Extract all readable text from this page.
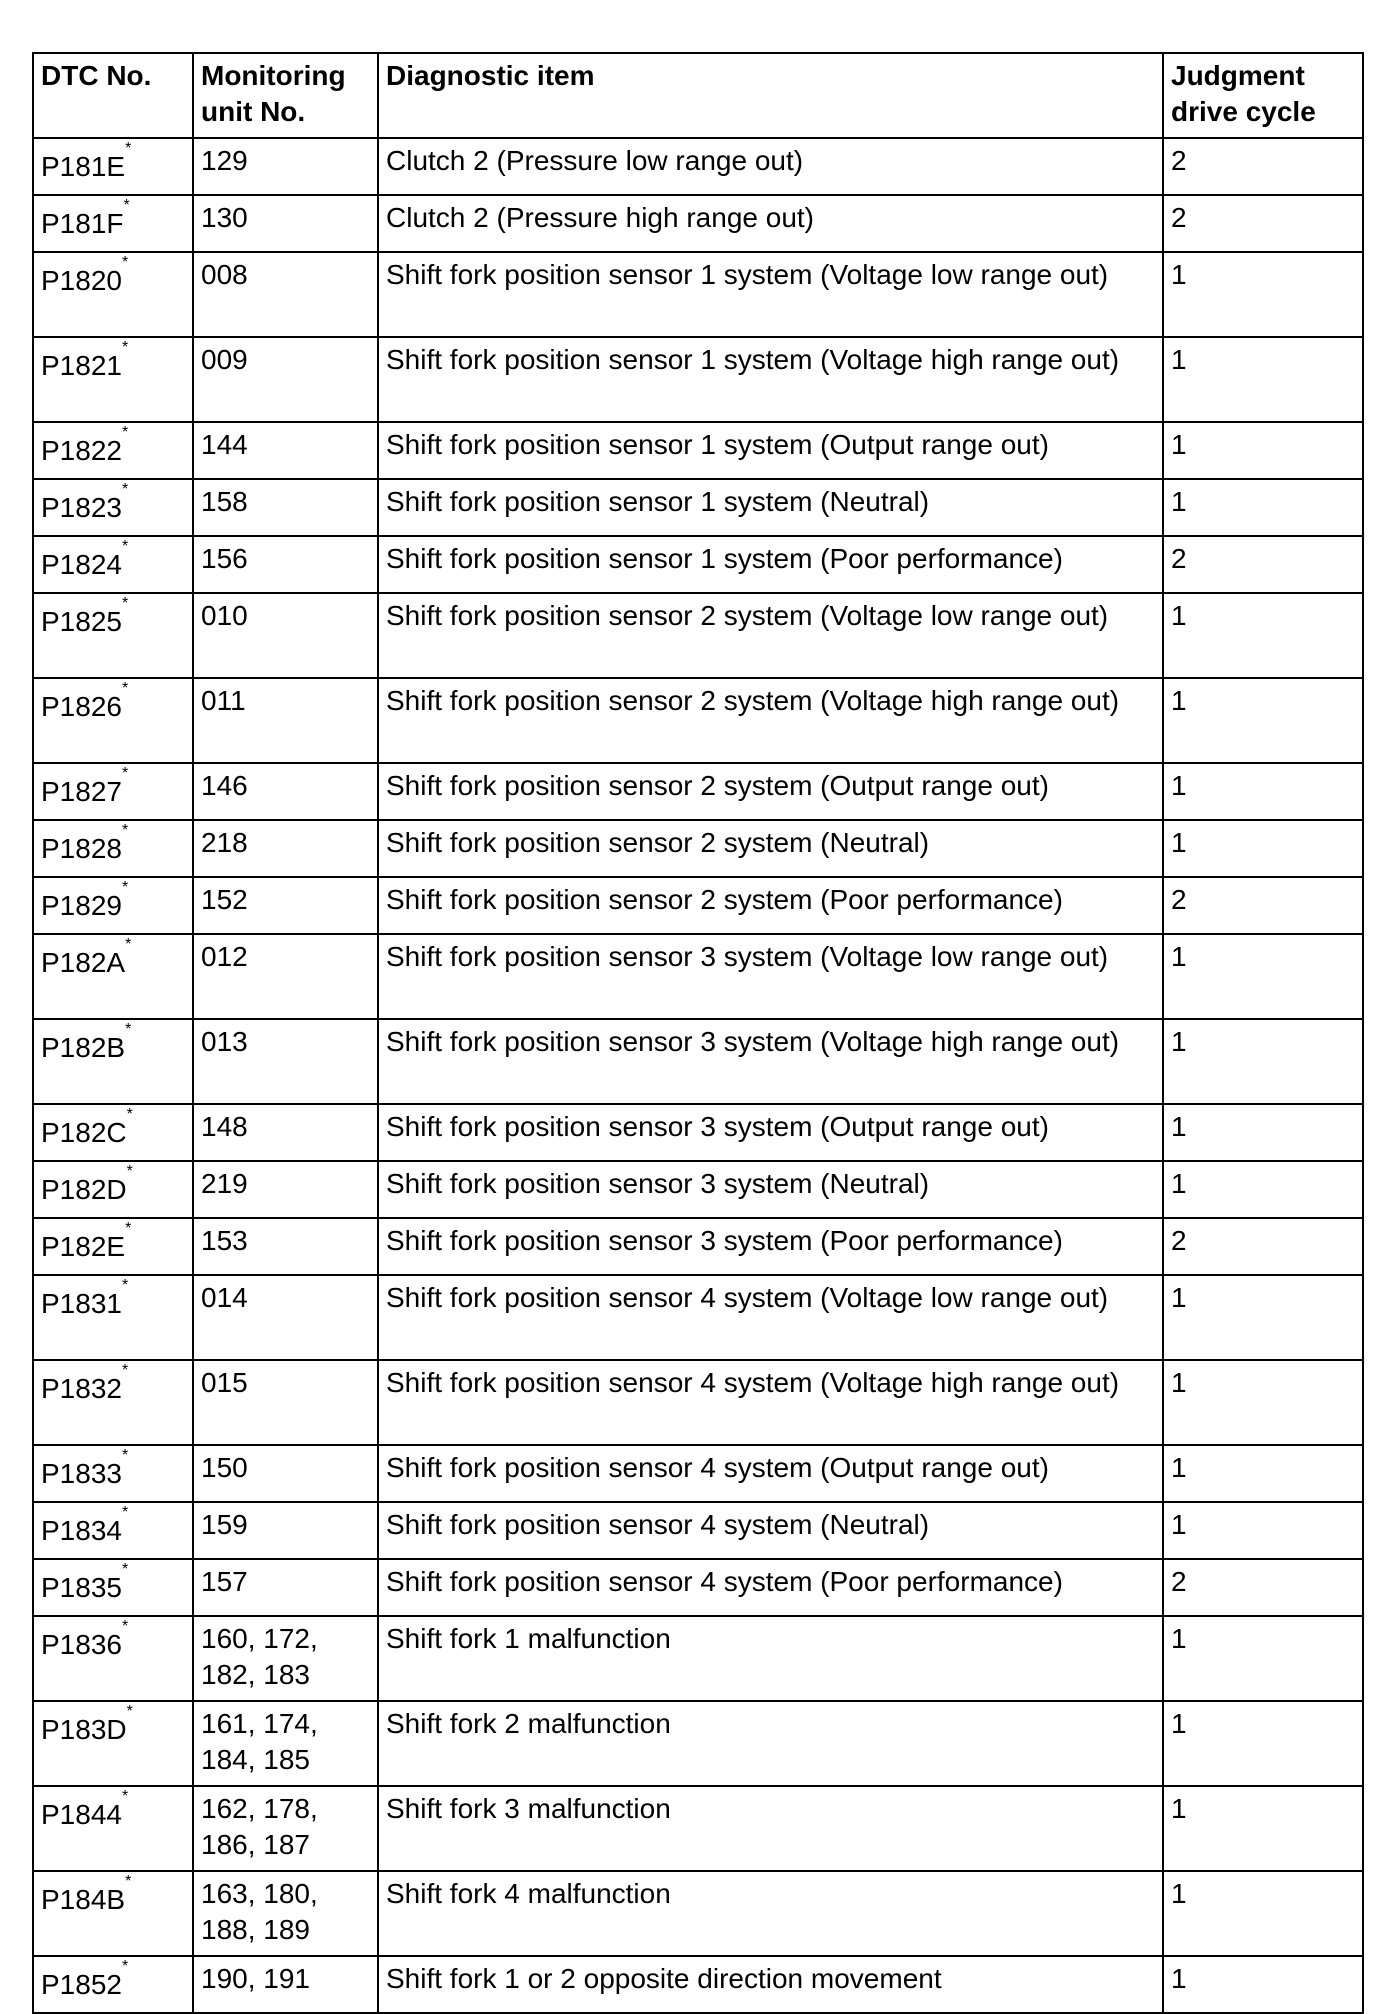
DTC No.	Monitoring unit No.	Diagnostic item	Judgment drive cycle
P181E*	129	Clutch 2 (Pressure low range out)	2
P181F*	130	Clutch 2 (Pressure high range out)	2
P1820*	008	Shift fork position sensor 1 system (Voltage low range out)	1
P1821*	009	Shift fork position sensor 1 system (Voltage high range out)	1
P1822*	144	Shift fork position sensor 1 system (Output range out)	1
P1823*	158	Shift fork position sensor 1 system (Neutral)	1
P1824*	156	Shift fork position sensor 1 system (Poor performance)	2
P1825*	010	Shift fork position sensor 2 system (Voltage low range out)	1
P1826*	011	Shift fork position sensor 2 system (Voltage high range out)	1
P1827*	146	Shift fork position sensor 2 system (Output range out)	1
P1828*	218	Shift fork position sensor 2 system (Neutral)	1
P1829*	152	Shift fork position sensor 2 system (Poor performance)	2
P182A*	012	Shift fork position sensor 3 system (Voltage low range out)	1
P182B*	013	Shift fork position sensor 3 system (Voltage high range out)	1
P182C*	148	Shift fork position sensor 3 system (Output range out)	1
P182D*	219	Shift fork position sensor 3 system (Neutral)	1
P182E*	153	Shift fork position sensor 3 system (Poor performance)	2
P1831*	014	Shift fork position sensor 4 system (Voltage low range out)	1
P1832*	015	Shift fork position sensor 4 system (Voltage high range out)	1
P1833*	150	Shift fork position sensor 4 system (Output range out)	1
P1834*	159	Shift fork position sensor 4 system (Neutral)	1
P1835*	157	Shift fork position sensor 4 system (Poor performance)	2
P1836*	160, 172, 182, 183	Shift fork 1 malfunction	1
P183D*	161, 174, 184, 185	Shift fork 2 malfunction	1
P1844*	162, 178, 186, 187	Shift fork 3 malfunction	1
P184B*	163, 180, 188, 189	Shift fork 4 malfunction	1
P1852*	190, 191	Shift fork 1 or 2 opposite direction movement	1
